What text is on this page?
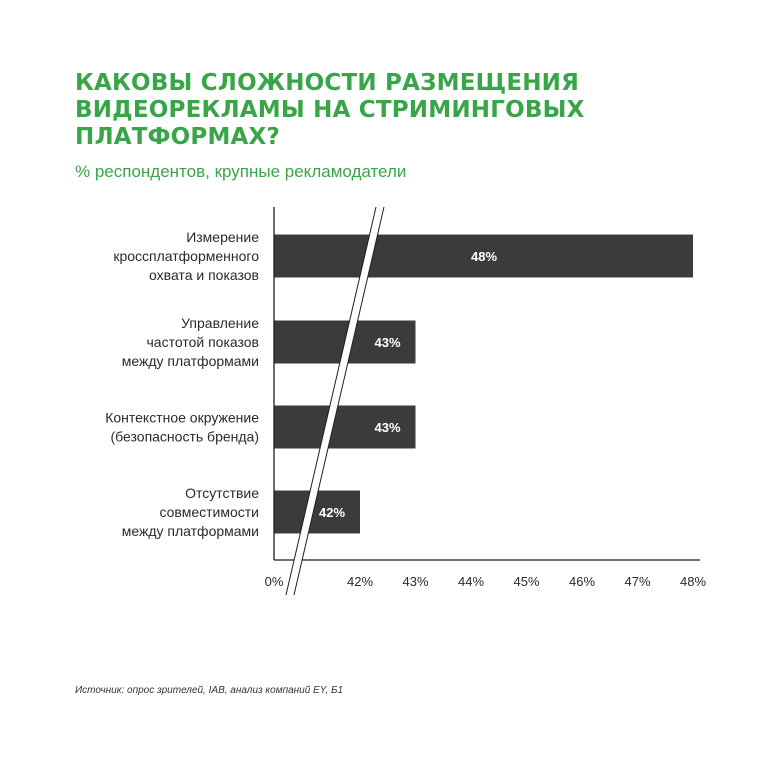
КАКОВЫ СЛОЖНОСТИ РАЗМЕЩЕНИЯ ВИДЕОРЕКЛАМЫ НА СТРИМИНГОВЫХ ПЛАТФОРМАХ?

% респондентов, крупные рекламодатели

48%
43%
43%
42%
0%	42% 43% 44% 45% 46% 47% 48%
Измерение кроссплатформенного охвата и показов
Управление частотой показов между платформами
Контекстное окружение (безопасность бренда)
Отсутствие совместимости между платформами

Источник: опрос зрителей, IAB, анализ компаний EY, Б1
